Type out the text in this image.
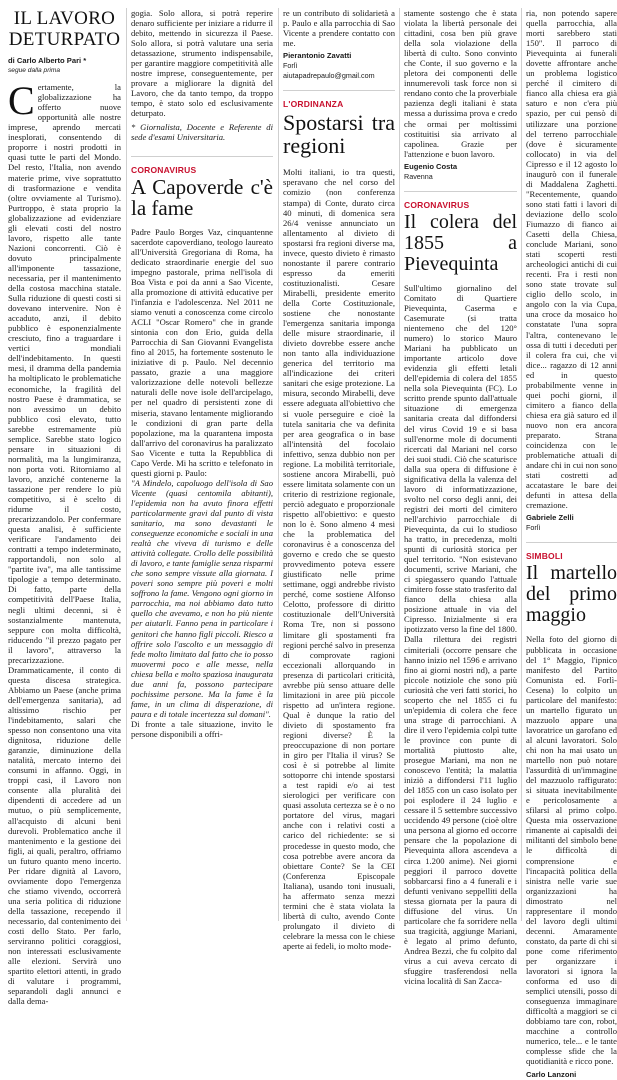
IL LAVORO DETURPATO
di Carlo Alberto Pari *
segue dalla prima

Certamente, la globalizzazione ha offerto nuove opportunità alle nostre imprese, aprendo mercati inesplorati, consentendo di proporre i nostri prodotti in quasi tutte le parti del Mondo. Del resto, l'Italia, non avendo materie prime, vive soprattutto di trasformazione e vendita (oltre ovviamente al Turismo). Purtroppo, è stata proprio la globalizzazione ad evidenziare gli elevati costi del nostro lavoro, rispetto alle tante Nazioni concorrenti. Ciò è dovuto principalmente all'imponente tassazione, necessaria, per il mantenimento della costosa macchina statale. Sulla riduzione di questi costi si dovevano intervenire. Non è accaduto, anzi, il debito pubblico è esponenzialmente cresciuto, fino a traguardare i vertici mondiali dell'indebitamento. In questi mesi, il dramma della pandemia ha moltiplicato le problematiche economiche, la fragilità del nostro Paese è drammatica, se non avessimo un debito pubblico così elevato, tutto sarebbe estremamente più semplice. Sarebbe stato logico pensare in situazioni di normalità, ma la lungimiranza, non porta voti. Ritorniamo al lavoro, anziché contenerne la tassazione per rendere lo più competitivo, si è scelto di ridurne il costo, precarizzandolo. Per confermare questa analisi, è sufficiente verificare l'andamento dei contratti a tempo indeterminato, rapportandoli, non solo al "partite iva", ma alle tantissime tipologie a tempo determinato. Di fatto, parte della competitività dell'Paese Italia, negli ultimi decenni, si è sostanzialmente mantenuta, seppure con molta difficoltà, riducendo "il prezzo pagato per il lavoro", attraverso la precarizzazione. Drammaticamente, il conto di questa discesa strategica. Abbiamo un Paese (anche prima dell'emergenza sanitaria), ad altissimo rischio per l'indebitamento, salari che spesso non consentono una vita dignitosa, riduzione delle garanzie, diminuzione della natalità, mercato interno dei consumi in affanno. Oggi, in troppi casi, il Lavoro non consente alla pluralità dei dipendenti di accedere ad un mutuo, o più semplicemente, all'acquisto di alcuni beni durevoli. Problematico anche il mantenimento e la gestione dei figli, ai quali, peraltro, offriamo un futuro quanto meno incerto. Per ridare dignità al Lavoro, ovviamente dopo l'emergenza che stiamo vivendo, occorrerà una seria politica di riduzione della tassazione, recependo il necessario, dal contenimento dei costi dello Stato. Per farlo, serviranno politici coraggiosi, non interessati esclusivamente alle elezioni. Servirà uno spartito elettori attenti, in grado di valutare i programmi, separandoli dagli annunci e dalla dema-

gogia. Solo allora, si potrà reperire denaro sufficiente per iniziare a ridurre il debito, mettendo in sicurezza il Paese. Solo allora, si potrà valutare una seria detassazione, strumento indispensabile, per garantire maggiore competitività alle nostre imprese, conseguentemente, per provare a migliorare la dignità del Lavoro, che da tanto tempo, da troppo tempo, è stato solo ed esclusivamente deturpato.

* Giornalista, Docente e Referente di sede d'esami Universitaria.

CORONAVIRUS
A Capoverde c'è la fame

Padre Paulo Borges Vaz, cinquantenne sacerdote capoverdiano, teologo laureato all'Università Gregoriana di Roma, ha dedicato straordinarie energie del suo impegno pastorale, prima nell'isola di Boa Vista e poi da anni a Sao Vicente, alla promozione di attività educative per l'infanzia e l'adolescenza. Nel 2011 ne siamo venuti a conoscenza come circolo ACLI "Oscar Romero" che in grande sintonia con don Erio, guida della Parrocchia di San Giovanni Evangelista fino al 2015, ha fortemente sostenuto le iniziative di p. Paulo. Nel decennio passato, grazie a una maggiore valorizzazione delle notevoli bellezze naturali delle nove isole dell'arcipelago, per nel quadro di persistenti zone di miseria, stavano lentamente migliorando le condizioni di gran parte della popolazione, ma la quarantena imposta dall'arrivo del coronavirus ha paralizzato Sao Vicente e tutta la Repubblica di Capo Verde. Mi ha scritto e telefonato in questi giorni p. Paulo:

"A Mindelo, capoluogo dell'isola di Sao Vicente (quasi centomila abitanti), l'epidemia non ha avuto finora effetti particolarmente gravi dal punto di vista sanitario, ma sono devastanti le conseguenze economiche e sociali in una realtà che viveva di turismo e delle attività collegate. Crollo delle possibilità di lavoro, e tante famiglie senza risparmi che sono sempre vissute alla giornata. I poveri sono sempre più poveri e molti soffrono la fame. Vengono ogni giorno in parrocchia, ma noi abbiamo dato tutto quello che avevamo, e non ho più niente per aiutarli. Fanno pena in particolare i genitori che hanno figli piccoli. Riesco a offrire solo l'ascolto e un messaggio di fede molto limitato dal fatto che io posso muovermi poco e alle messe, nella chiesa bella e molto spaziosa inaugurata due anni fa, possono partecipare pochissime persone. Ma la fame è la fame, in un clima di disperazione, di paura e di totale incertezza sul domani".

Di fronte a tale situazione, invito le persone disponibili a offri-

re un contributo di solidarietà a p. Paulo e alla parrocchia di Sao Vicente a prendere contatto con me.

Pierantonio Zavatti
Forlì
aiutapadrepaulo@gmail.com
L'ORDINANZA
Spostarsi tra regioni

Molti italiani, io tra questi, speravano che nel corso del comizio (non conferenza stampa) di Conte, durato circa 40 minuti, di domenica sera 26/4 venisse annunciato un allentamento al divieto di spostarsi fra regioni diverse ma, invece, questo divieto è rimasto nonostante il parere contrario espresso da emeriti costituzionalisti. Cesare Mirabelli, presidente emerito della Corte Costituzionale, sostiene che nonostante l'emergenza sanitaria imponga delle misure straordinarie, il divieto dovrebbe essere anche non tanto alla individuazione generica del territorio ma all'indicazione dei criteri sanitari che esige protezione. La misura, secondo Mirabelli, deve essere adeguata all'obiettivo che si vuole perseguire e cioè la tutela sanitaria che va definita per area geografica o in base all'intensità del focolaio infettivo, senza dubbio non per regione. La mobilità territoriale, sostiene ancora Mirabelli, può essere limitata solamente con un criterio di restrizione regionale, perciò adeguato e proporzionale rispetto all'obiettivo: e questo non lo è. Sono almeno 4 mesi che la problematica del coronavirus è a conoscenza del governo e credo che se questo provvedimento poteva essere giustificato nelle prime settimane, oggi andrebbe rivisto perché, come sostiene Alfonso Celotto, professore di diritto costituzionale dell'Università Roma Tre, non si possono limitare gli spostamenti fra regioni perché salvo in presenza di comprovate ragioni eccezionali allorquando in presenza di particolari criticità, avrebbe più senso attuare delle limitazioni in aree più piccole rispetto ad un'intera regione. Qual è dunque la ratio del divieto di spostamento fra regioni diverse? È la preoccupazione di non portare in giro per l'Italia il virus? Se così è si potrebbe al limite sottoporre chi intende spostarsi a test rapidi e/o ai test sierologici per verificare con quasi assoluta certezza se è o no portatore del virus, magari anche con i relativi costi a carico del richiedente: se si procedesse in questo modo, che cosa potrebbe avere ancora da obiettare Conte? Se la CEI (Conferenza Episcopale Italiana), usando toni inusuali, ha affermato senza mezzi termini che è stata violata la libertà di culto, avendo Conte prolungato il divieto di celebrare la messa con le chiese aperte ai fedeli, io molto mode-

stamente sostengo che è stata violata la libertà personale dei cittadini, cosa ben più grave della sola violazione della libertà di culto. Sono convinto che Conte, il suo governo e la pletora dei componenti delle innumerevoli task force non si rendano conto che la proverbiale pazienza degli italiani è stata messa a durissima prova e credo che ormai per moltissimi costituitisi sia arrivato al capolinea. Grazie per l'attenzione e buon lavoro.

Eugenio Costa
Ravenna
CORONAVIRUS
Il colera del 1855 a Pievequinta

Sull'ultimo giornalino del Comitato di Quartiere Pievequinta, Caserma e Casemurate (si tratta nientemeno che del 120° numero) lo storico Mauro Mariani ha pubblicato un importante articolo dove evidenzia gli effetti letali dell'epidemia di colera del 1855 nella sola Pievequinta (FC). Lo scritto prende spunto dall'attuale situazione di emergenza sanitaria creata dal diffondersi del virus Covid 19 e si basa sull'enorme mole di documenti ricercati dal Mariani nel corso dei suoi studi. Ciò che scaturisce dalla sua opera di diffusione è significativa della la valenza del lavoro di informatizzazione, svolto nel corso degli anni, dei registri dei morti del cimitero nell'archivio parrocchiale di Pievequinta, da cui lo studioso ha tratto, in precedenza, molti spunti di curiosità storica per quel territorio. "Non esistevano documenti, scrive Mariani, che ci spiegassero quando l'attuale cimitero fosse stato trasferito dal fianco della chiesa alla posizione attuale in via del Cipresso. Inizialmente si era ipotizzato verso la fine del 1800. Dalla rilettura dei registri cimiteriali (occorre pensare che hanno inizio nel 1596 e arrivano fino ai giorni nostri nd), a parte piccole notiziole che sono più curiosità che veri fatti storici, ho scoperto che nel 1855 ci fu un'epidemia di colera che fece una strage di parrocchiani. A dire il vero l'epidemia colpì tutte le province con punte di mortalità piuttosto alte, prosegue Mariani, ma non ne conoscevo l'entità; la malattia iniziò a diffondersi l'11 luglio del 1855 con un caso isolato per poi esplodere il 24 luglio e cessare il 5 settembre successivo uccidendo 49 persone (cioè oltre una persona al giorno ed occorre pensare che la popolazione di Pievequinta allora ascendeva a circa 1.200 anime). Nei giorni peggiori il parroco dovette sobbarcarsi fino a 4 funerali e i defunti venivano seppelliti della stessa giornata per la paura di diffusione del virus. Un particolare che fa sorridere nella sua tragicità, aggiunge Mariani, è legato al primo defunto, Andrea Bezzi, che fu colpito dal virus a cui aveva cercato di sfuggire trasferendosi nella vicina località di San Zacca-

ria, non potendo sapere quella parrocchia, alla morti sarebbero stati 150". Il parroco di Pievequinta ai funerali dovette affrontare anche un problema logistico perché il cimitero di fianco alla chiesa era già saturo e non c'era più spazio, per cui pensò di utilizzare una porzione del terreno parrocchiale (dove è sicuramente collocato) in via del Cipresso e il 12 agosto lo inaugurò con il funerale di Maddalena Zaghetti. "Recentemente, quando sono stati fatti i lavori di deviazione dello scolo Fiumazzo di fianco ai Casetti della Chiesa, conclude Mariani, sono stati scoperti resti archeologici antichi di cui recenti. Fra i resti non sono state trovate sul ciglio dello scolo, in angolo con la via Cupa, una croce da mosaico ho constatate l'una sopra l'altra, contenevano le ossa di tutti i deceduti per il colera fra cui, che vi dice... ragazzo di 12 anni ed in questo probabilmente venne in quei pochi giorni, il cimitero a fianco della chiesa era già saturo ed il nuovo non era ancora preparato. Strana coincidenza con le problematiche attuali di andare chi in cui non sono stati costretti ad accatastare le bare dei defunti in attesa della cremazione.

Gabriele Zelli
Forlì
SIMBOLI
Il martello del primo maggio

Nella foto del giorno di pubblicata in occasione del 1° Maggio, l'ipnico manifesto del Partito Comunista ed. Forlì-Cesena) lo colpito un particolare del manifesto: un martello figurato un mazzuolo appare una lavoratrice un garofano ed al alcuni lavoratori. Solo chi non ha mai usato un martello non può notare l'assurdità di un'immagine del mazzuolo raffigurato: si situata inevitabilmente e pericolosamente a sfilarsi al primo colpo. Questa mia osservazione rimanente ai capisaldi dei militanti del simbolo bene le difficoltà di comprensione e l'incapacità politica della sinistra nelle varie sue organizzazioni ha dimostrato nel rappresentare il mondo del lavoro degli ultimi decenni. Amaramente constato, da parte di chi si pone come riferimento per organizzare i lavoratori si ignora la conforma ed uso di semplici utensili, posso di conseguenza immaginare difficoltà a maggiori se ci dobbiamo tare con, robot, macchine a controllo numerico, tele... e le tante complesse sfide che la quotidianità e ricco pone.

Carlo Lanzoni
